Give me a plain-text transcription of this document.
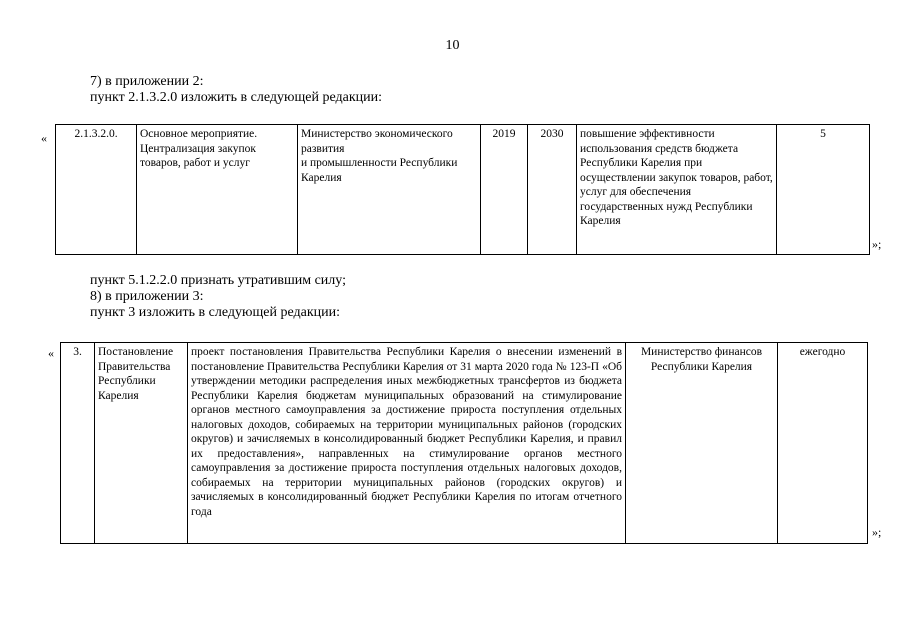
10
7) в приложении 2:
пункт 2.1.3.2.0 изложить в следующей редакции:
« 2.1.3.2.0.	Основное мероприятие. Централизация закупок товаров, работ и услуг	Министерство экономического развития
и промышленности Республики Карелия	2019	2030	повышение эффективности использования средств бюджета Республики Карелия при осуществлении закупок товаров, работ, услуг для обеспечения государственных нужд Республики Карелия	5
»;
пункт 5.1.2.2.0 признать утратившим силу;
8) в приложении 3:
пункт 3 изложить в следующей редакции:
« 3.	Постановление Правительства Республики Карелия	проект постановления Правительства Республики Карелия о внесении изменений в постановление Правительства Республики Карелия от 31 марта 2020 года № 123-П «Об утверждении методики распределения иных межбюджетных трансфертов из бюджета Республики Карелия бюджетам муниципальных образований на стимулирование органов местного самоуправления за достижение прироста поступления отдельных налоговых доходов, собираемых на территории муниципальных районов (городских округов) и зачисляемых в консолидированный бюджет Республики Карелия, и правил их предоставления», направленных на стимулирование органов местного самоуправления за достижение прироста поступления отдельных налоговых доходов, собираемых на территории муниципальных районов (городских округов) и зачисляемых в консолидированный бюджет Республики Карелия по итогам отчетного года	Министерство финансов Республики Карелия	ежегодно
»;
